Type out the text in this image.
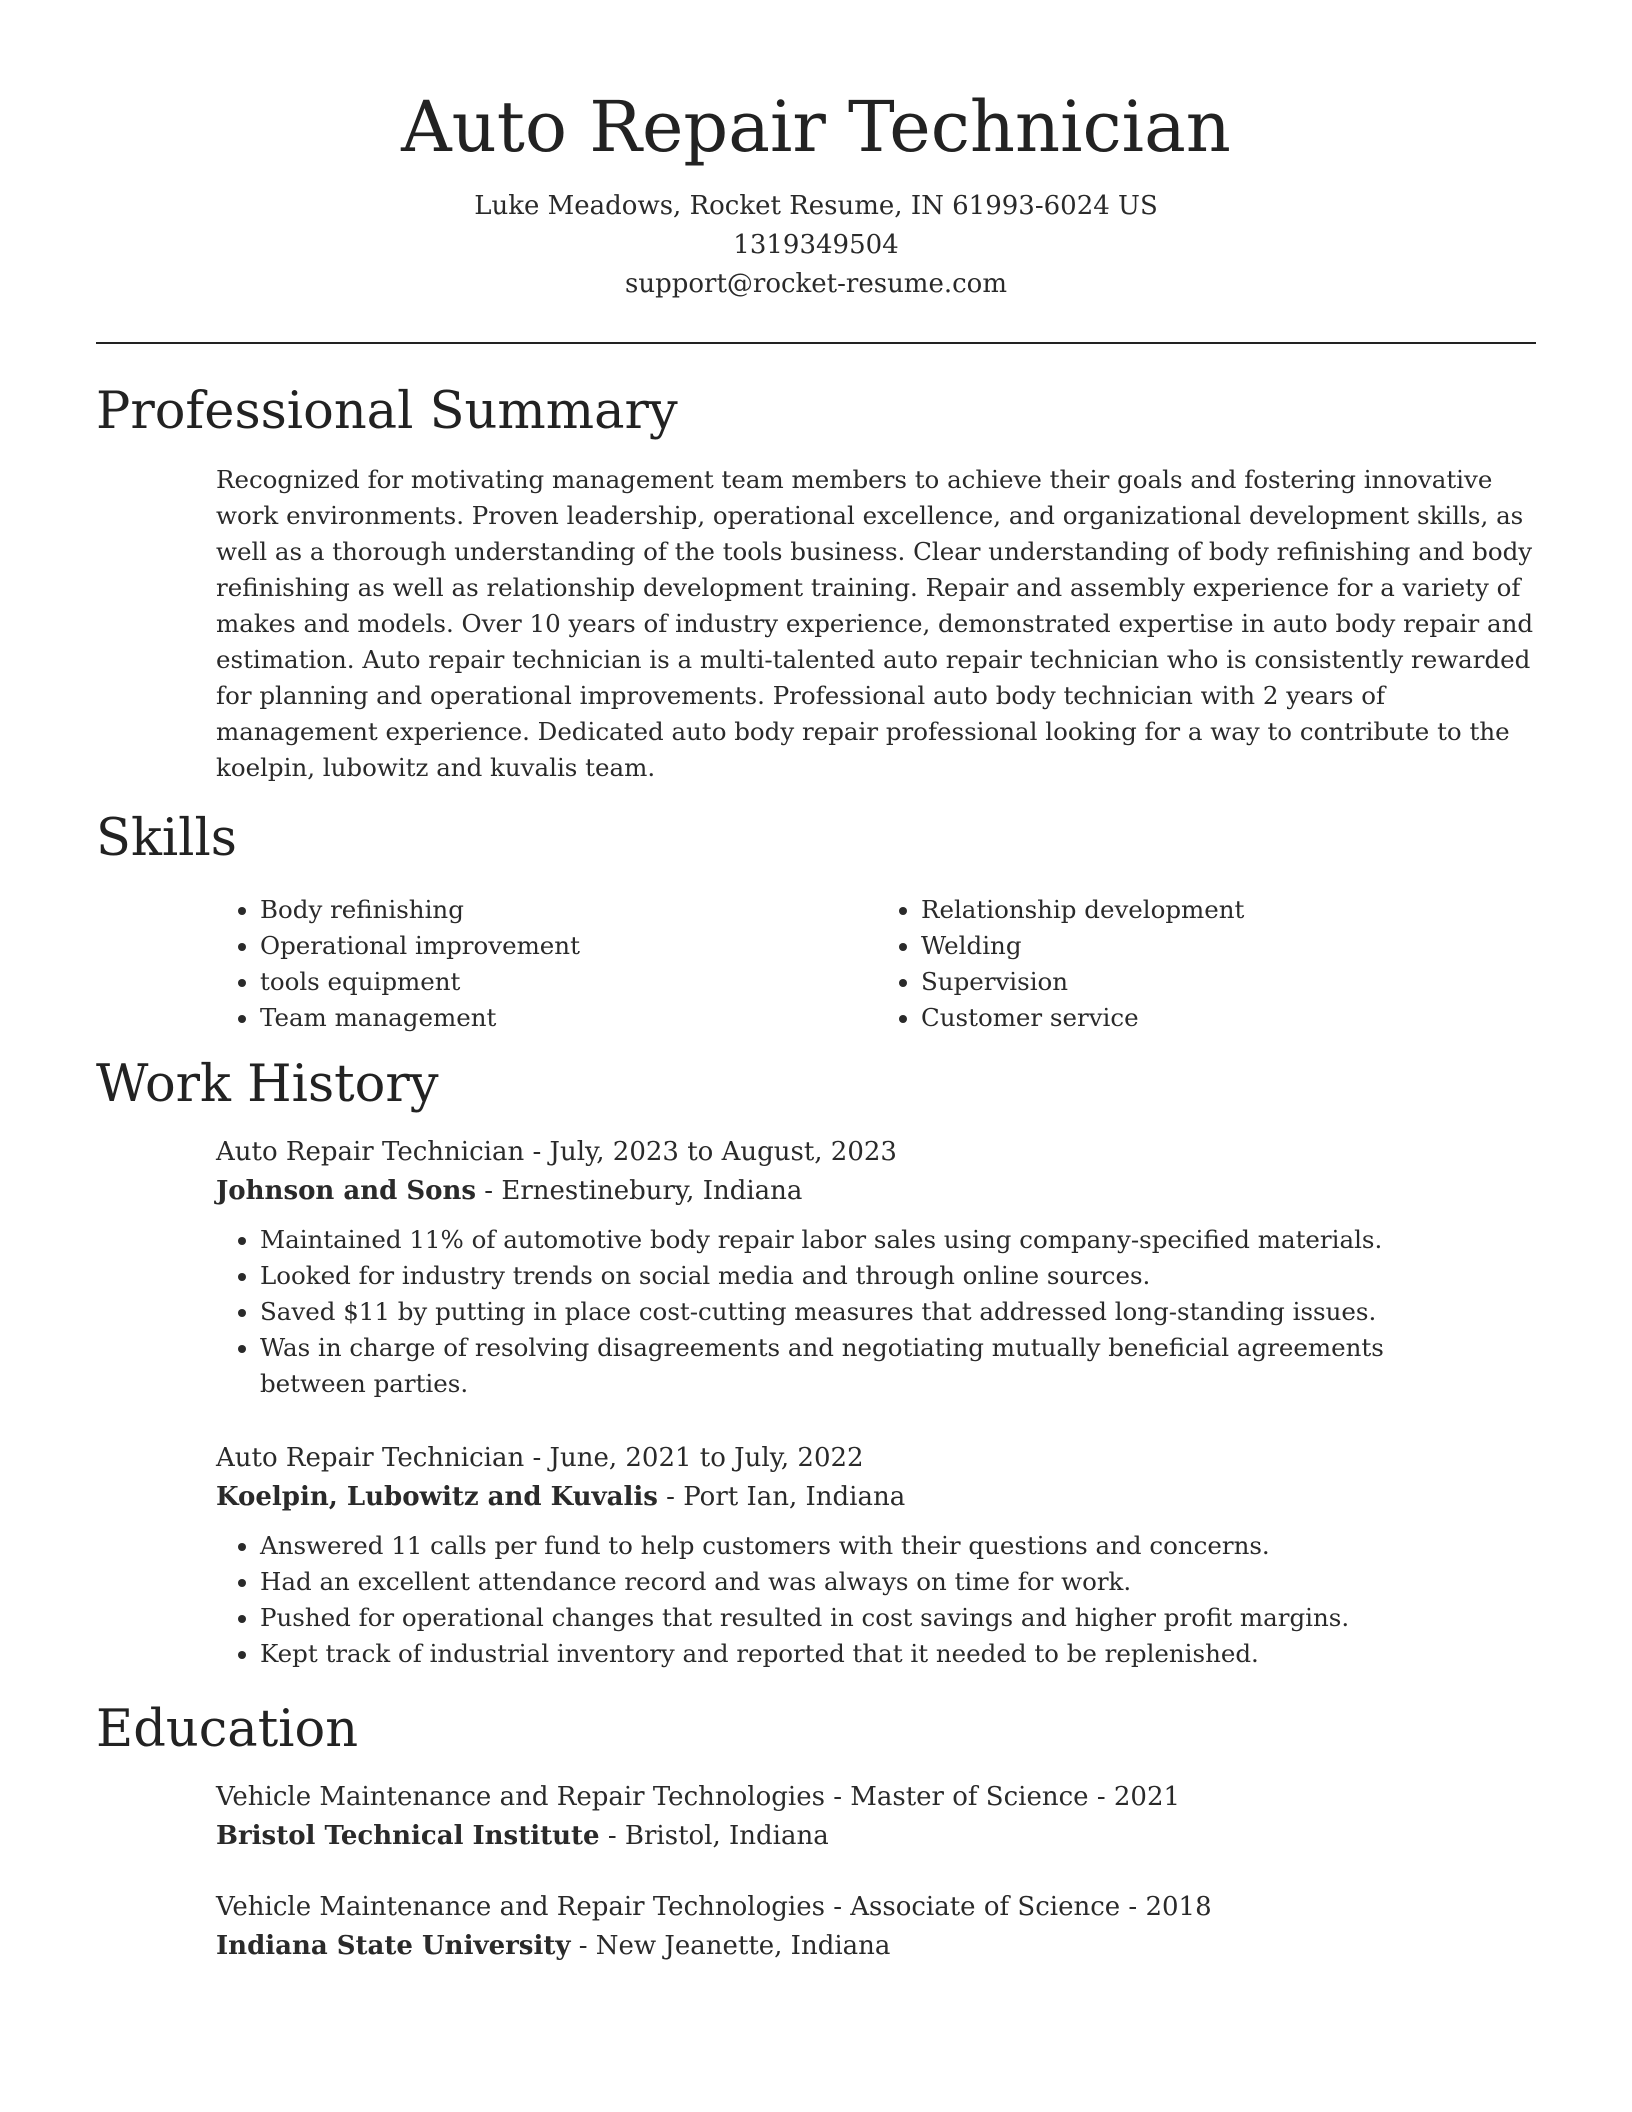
Auto Repair Technician
Luke Meadows, Rocket Resume, IN 61993-6024 US
1319349504
support@rocket-resume.com
Professional Summary

Recognized for motivating management team members to achieve their goals and fostering innovative work environments. Proven leadership, operational excellence, and organizational development skills, as well as a thorough understanding of the tools business. Clear understanding of body refinishing and body refinishing as well as relationship development training. Repair and assembly experience for a variety of makes and models. Over 10 years of industry experience, demonstrated expertise in auto body repair and estimation. Auto repair technician is a multi-talented auto repair technician who is consistently rewarded for planning and operational improvements. Professional auto body technician with 2 years of management experience. Dedicated auto body repair professional looking for a way to contribute to the koelpin, lubowitz and kuvalis team.

Skills
• Body refinishing
• Operational improvement
• tools equipment
• Team management
• Relationship development
• Welding
• Supervision
• Customer service
Work History
Auto Repair Technician - July, 2023 to August, 2023
Johnson and Sons - Ernestinebury, Indiana
• Maintained 11% of automotive body repair labor sales using company-specified materials.
• Looked for industry trends on social media and through online sources.
• Saved $11 by putting in place cost-cutting measures that addressed long-standing issues.
• Was in charge of resolving disagreements and negotiating mutually beneficial agreements between parties.
Auto Repair Technician - June, 2021 to July, 2022
Koelpin, Lubowitz and Kuvalis - Port Ian, Indiana
• Answered 11 calls per fund to help customers with their questions and concerns.
• Had an excellent attendance record and was always on time for work.
• Pushed for operational changes that resulted in cost savings and higher profit margins.
• Kept track of industrial inventory and reported that it needed to be replenished.
Education
Vehicle Maintenance and Repair Technologies - Master of Science - 2021
Bristol Technical Institute - Bristol, Indiana
Vehicle Maintenance and Repair Technologies - Associate of Science - 2018
Indiana State University - New Jeanette, Indiana
